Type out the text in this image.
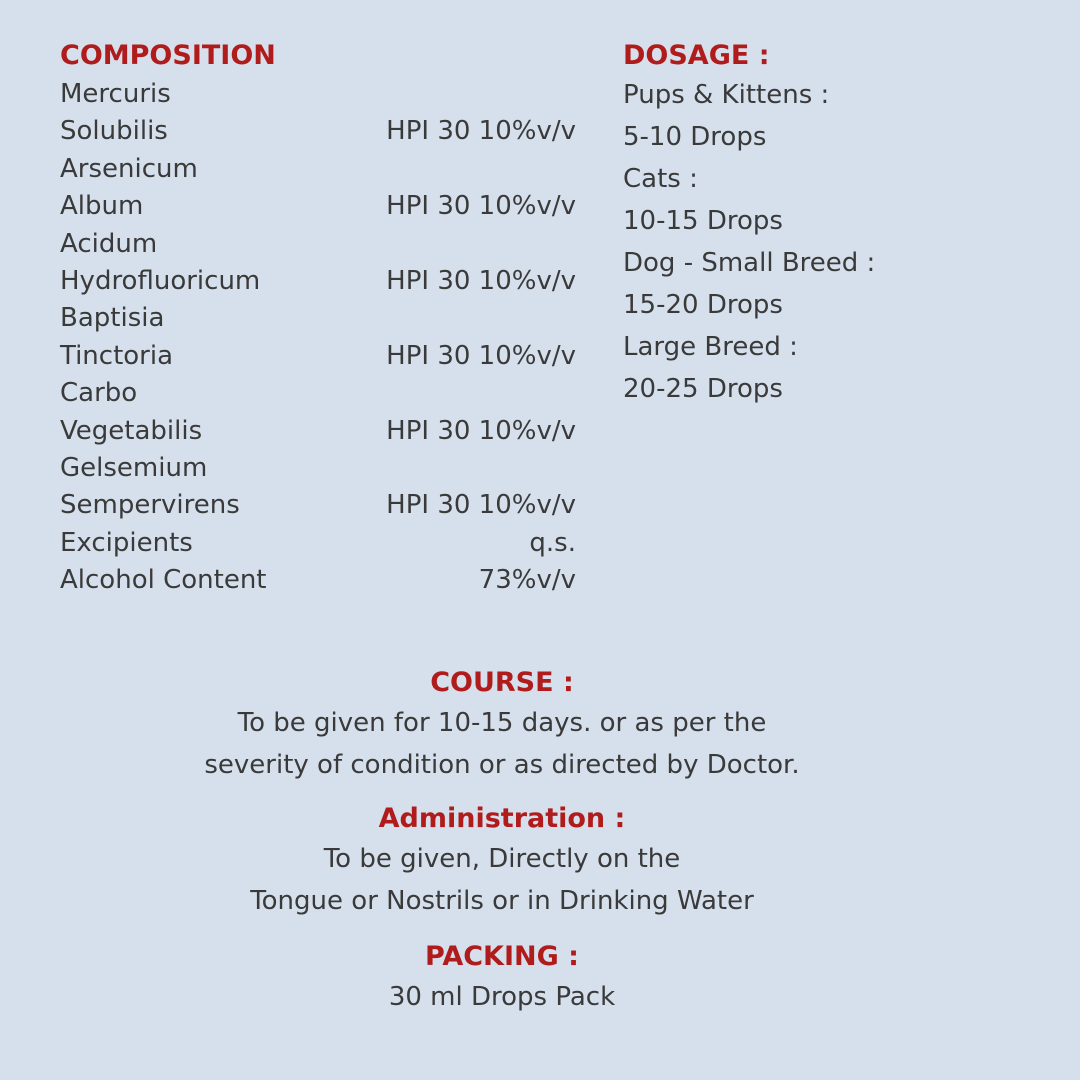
COMPOSITION
Mercuris
Solubilis	HPI 30 10%v/v
Arsenicum
Album	HPI 30 10%v/v
Acidum
Hydrofluoricum	HPI 30 10%v/v
Baptisia
Tinctoria	HPI 30 10%v/v
Carbo
Vegetabilis	HPI 30 10%v/v
Gelsemium
Sempervirens	HPI 30 10%v/v
Excipients	q.s.
Alcohol Content	73%v/v
DOSAGE :
Pups & Kittens :
5-10 Drops
Cats :
10-15 Drops
Dog - Small Breed :
15-20 Drops
Large Breed :
20-25 Drops
COURSE :
To be given for 10-15 days. or as per the
severity of condition or as directed by Doctor.
Administration :
To be given, Directly on the
Tongue or Nostrils or in Drinking Water
PACKING :
30 ml Drops Pack
